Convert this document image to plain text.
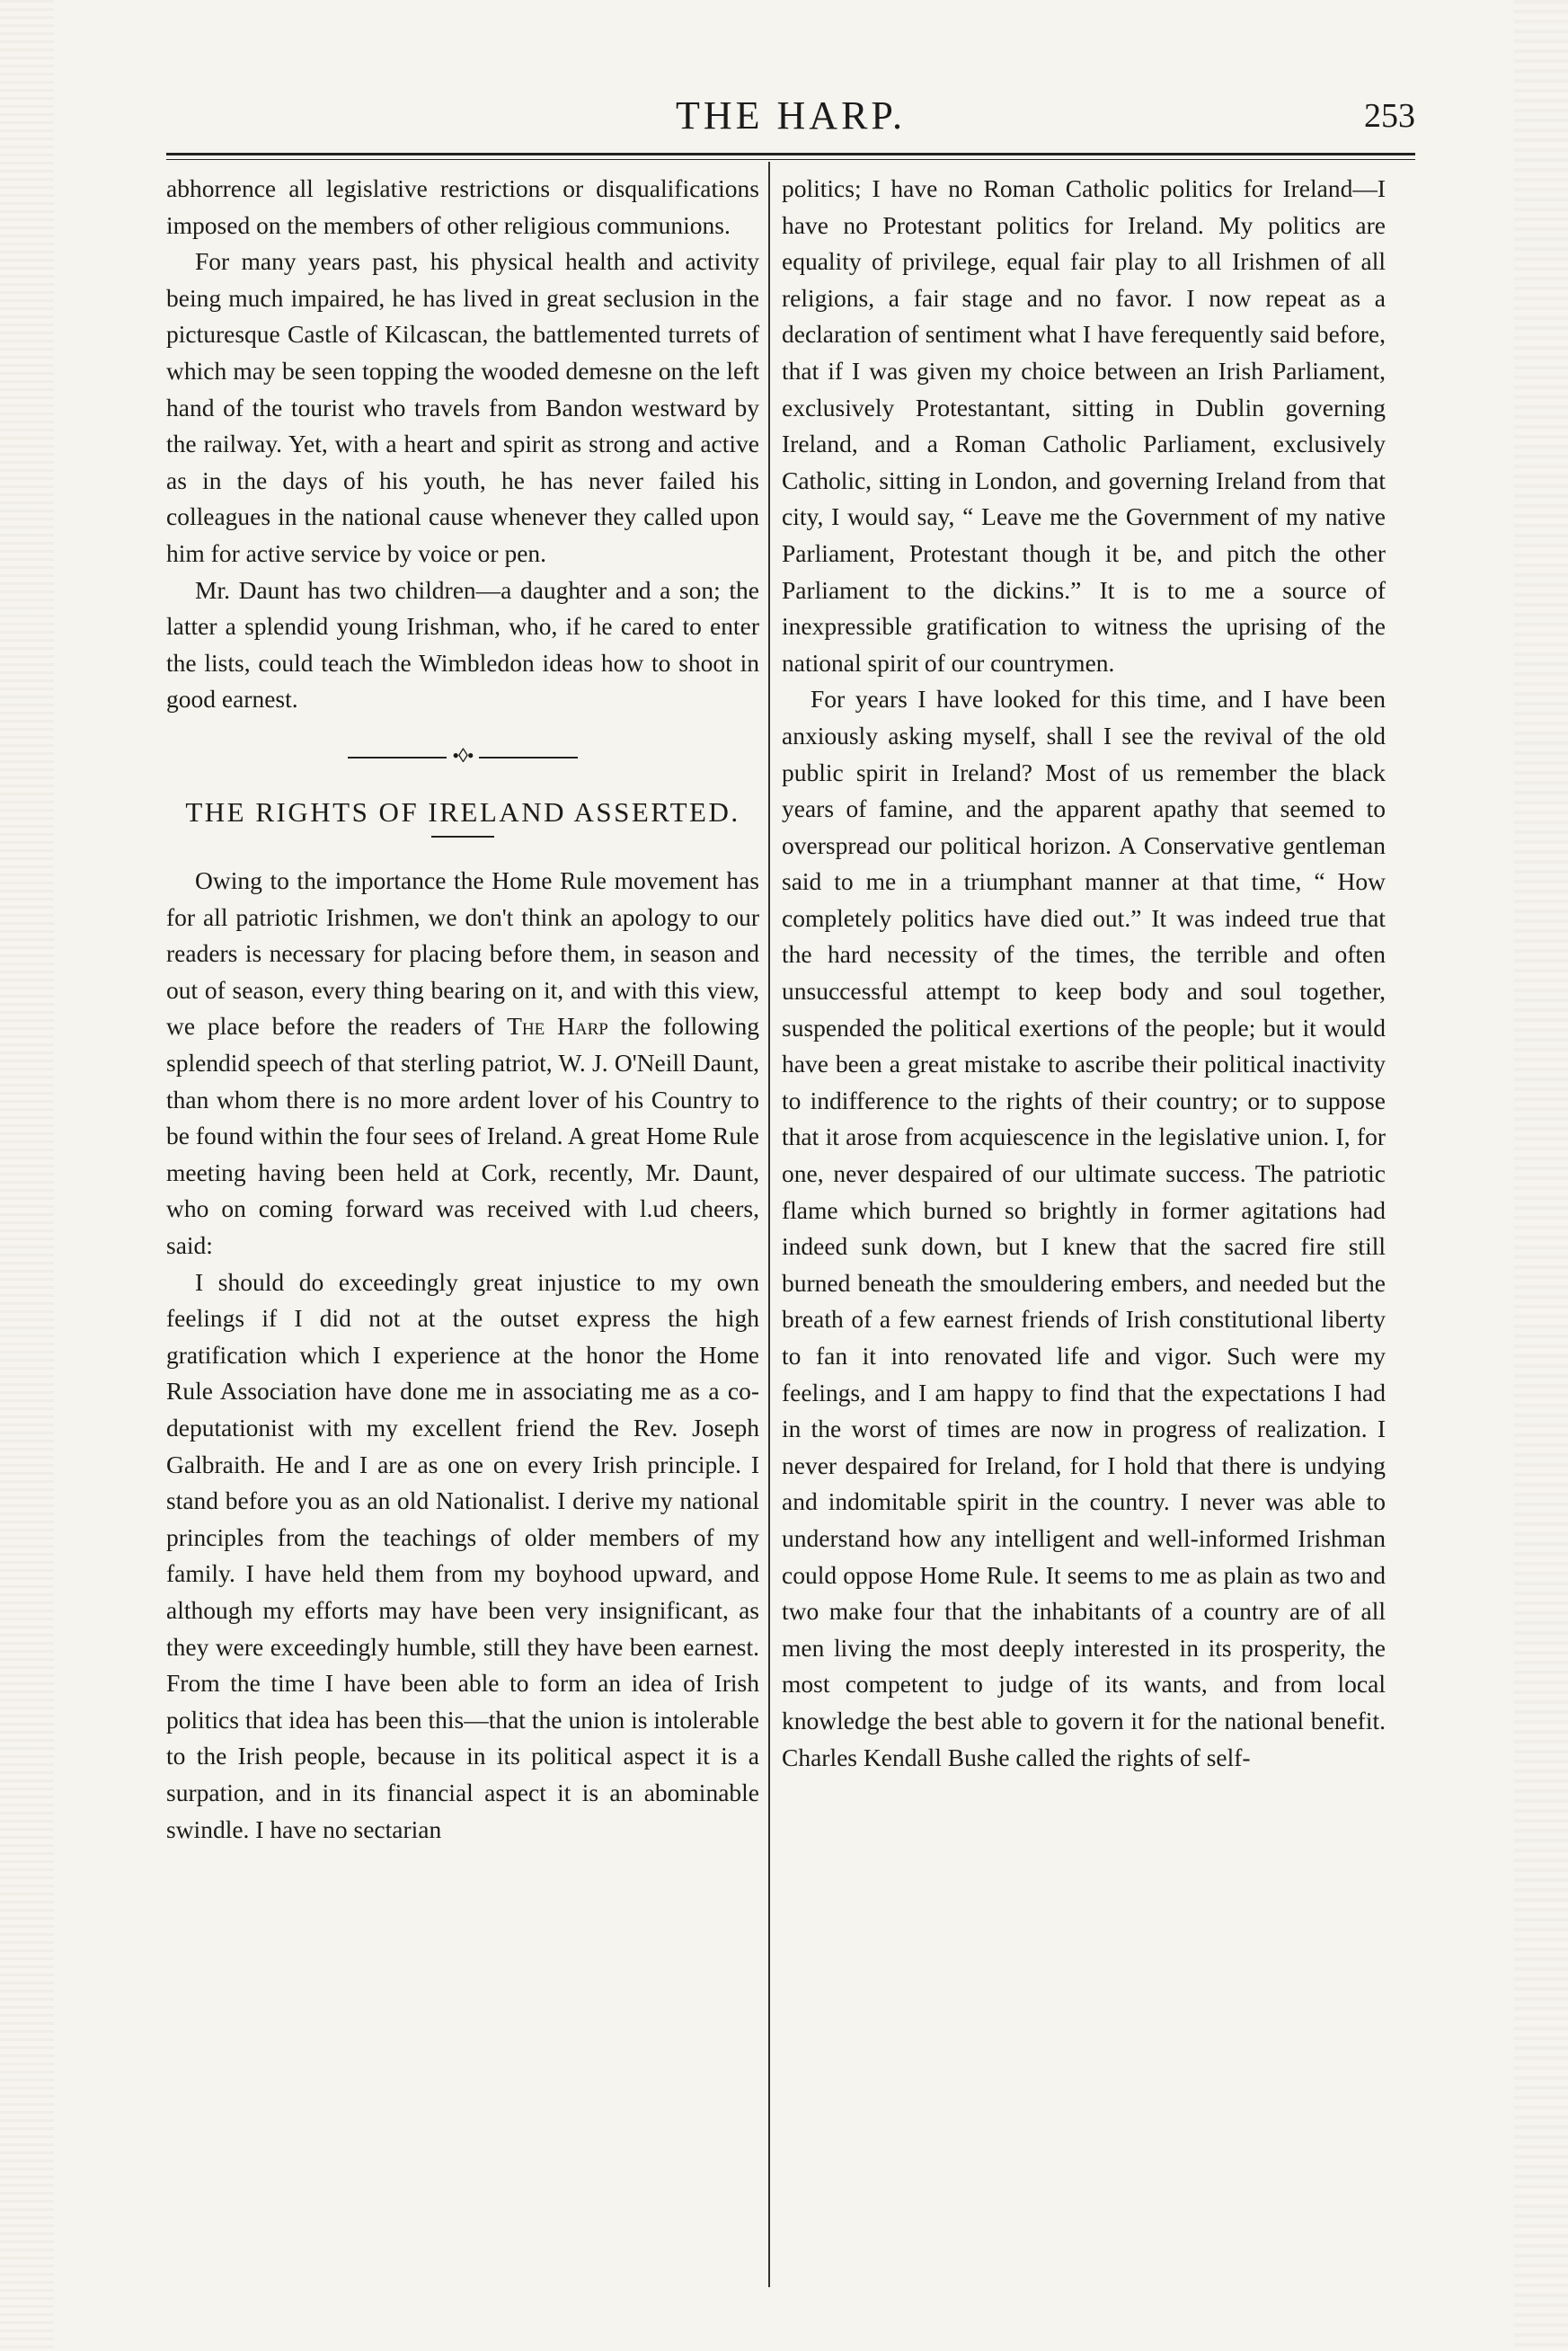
THE HARP.	253

abhorrence all legislative restrictions or disqualifications imposed on the members of other religious communions.

For many years past, his physical health and activity being much impaired, he has lived in great seclusion in the picturesque Castle of Kilcascan, the battlemented turrets of which may be seen topping the wooded demesne on the left hand of the tourist who travels from Bandon westward by the railway. Yet, with a heart and spirit as strong and active as in the days of his youth, he has never failed his colleagues in the national cause whenever they called upon him for active service by voice or pen.

Mr. Daunt has two children—a daughter and a son; the latter a splendid young Irishman, who, if he cared to enter the lists, could teach the Wimbledon ideas how to shoot in good earnest.

•◊•
THE RIGHTS OF IRELAND ASSERTED.

Owing to the importance the Home Rule movement has for all patriotic Irishmen, we don't think an apology to our readers is necessary for placing before them, in season and out of season, every thing bearing on it, and with this view, we place before the readers of The Harp the following splendid speech of that sterling patriot, W. J. O'Neill Daunt, than whom there is no more ardent lover of his Country to be found within the four sees of Ireland. A great Home Rule meeting having been held at Cork, recently, Mr. Daunt, who on coming forward was received with l.ud cheers, said:

I should do exceedingly great injustice to my own feelings if I did not at the outset express the high gratification which I experience at the honor the Home Rule Association have done me in associating me as a co-deputationist with my excellent friend the Rev. Joseph Galbraith. He and I are as one on every Irish principle. I stand before you as an old Nationalist. I derive my national principles from the teachings of older members of my family. I have held them from my boyhood upward, and although my efforts may have been very insignificant, as they were exceedingly humble, still they have been earnest. From the time I have been able to form an idea of Irish politics that idea has been this—that the union is intolerable to the Irish people, because in its political aspect it is a surpation, and in its financial aspect it is an abominable swindle. I have no sectarian

politics; I have no Roman Catholic politics for Ireland—I have no Protestant politics for Ireland. My politics are equality of privilege, equal fair play to all Irishmen of all religions, a fair stage and no favor. I now repeat as a declaration of sentiment what I have ferequently said before, that if I was given my choice between an Irish Parliament, exclusively Protestantant, sitting in Dublin governing Ireland, and a Roman Catholic Parliament, exclusively Catholic, sitting in London, and governing Ireland from that city, I would say, “ Leave me the Government of my native Parliament, Protestant though it be, and pitch the other Parliament to the dickins.” It is to me a source of inexpressible gratification to witness the uprising of the national spirit of our countrymen.

For years I have looked for this time, and I have been anxiously asking myself, shall I see the revival of the old public spirit in Ireland? Most of us remember the black years of famine, and the apparent apathy that seemed to overspread our political horizon. A Conservative gentleman said to me in a triumphant manner at that time, “ How completely politics have died out.” It was indeed true that the hard necessity of the times, the terrible and often unsuccessful attempt to keep body and soul together, suspended the political exertions of the people; but it would have been a great mistake to ascribe their political inactivity to indifference to the rights of their country; or to suppose that it arose from acquiescence in the legislative union. I, for one, never despaired of our ultimate success. The patriotic flame which burned so brightly in former agitations had indeed sunk down, but I knew that the sacred fire still burned beneath the smouldering embers, and needed but the breath of a few earnest friends of Irish constitutional liberty to fan it into renovated life and vigor. Such were my feelings, and I am happy to find that the expectations I had in the worst of times are now in progress of realization. I never despaired for Ireland, for I hold that there is undying and indomitable spirit in the country. I never was able to understand how any intelligent and well-informed Irishman could oppose Home Rule. It seems to me as plain as two and two make four that the inhabitants of a country are of all men living the most deeply interested in its prosperity, the most competent to judge of its wants, and from local knowledge the best able to govern it for the national benefit. Charles Kendall Bushe called the rights of self-
